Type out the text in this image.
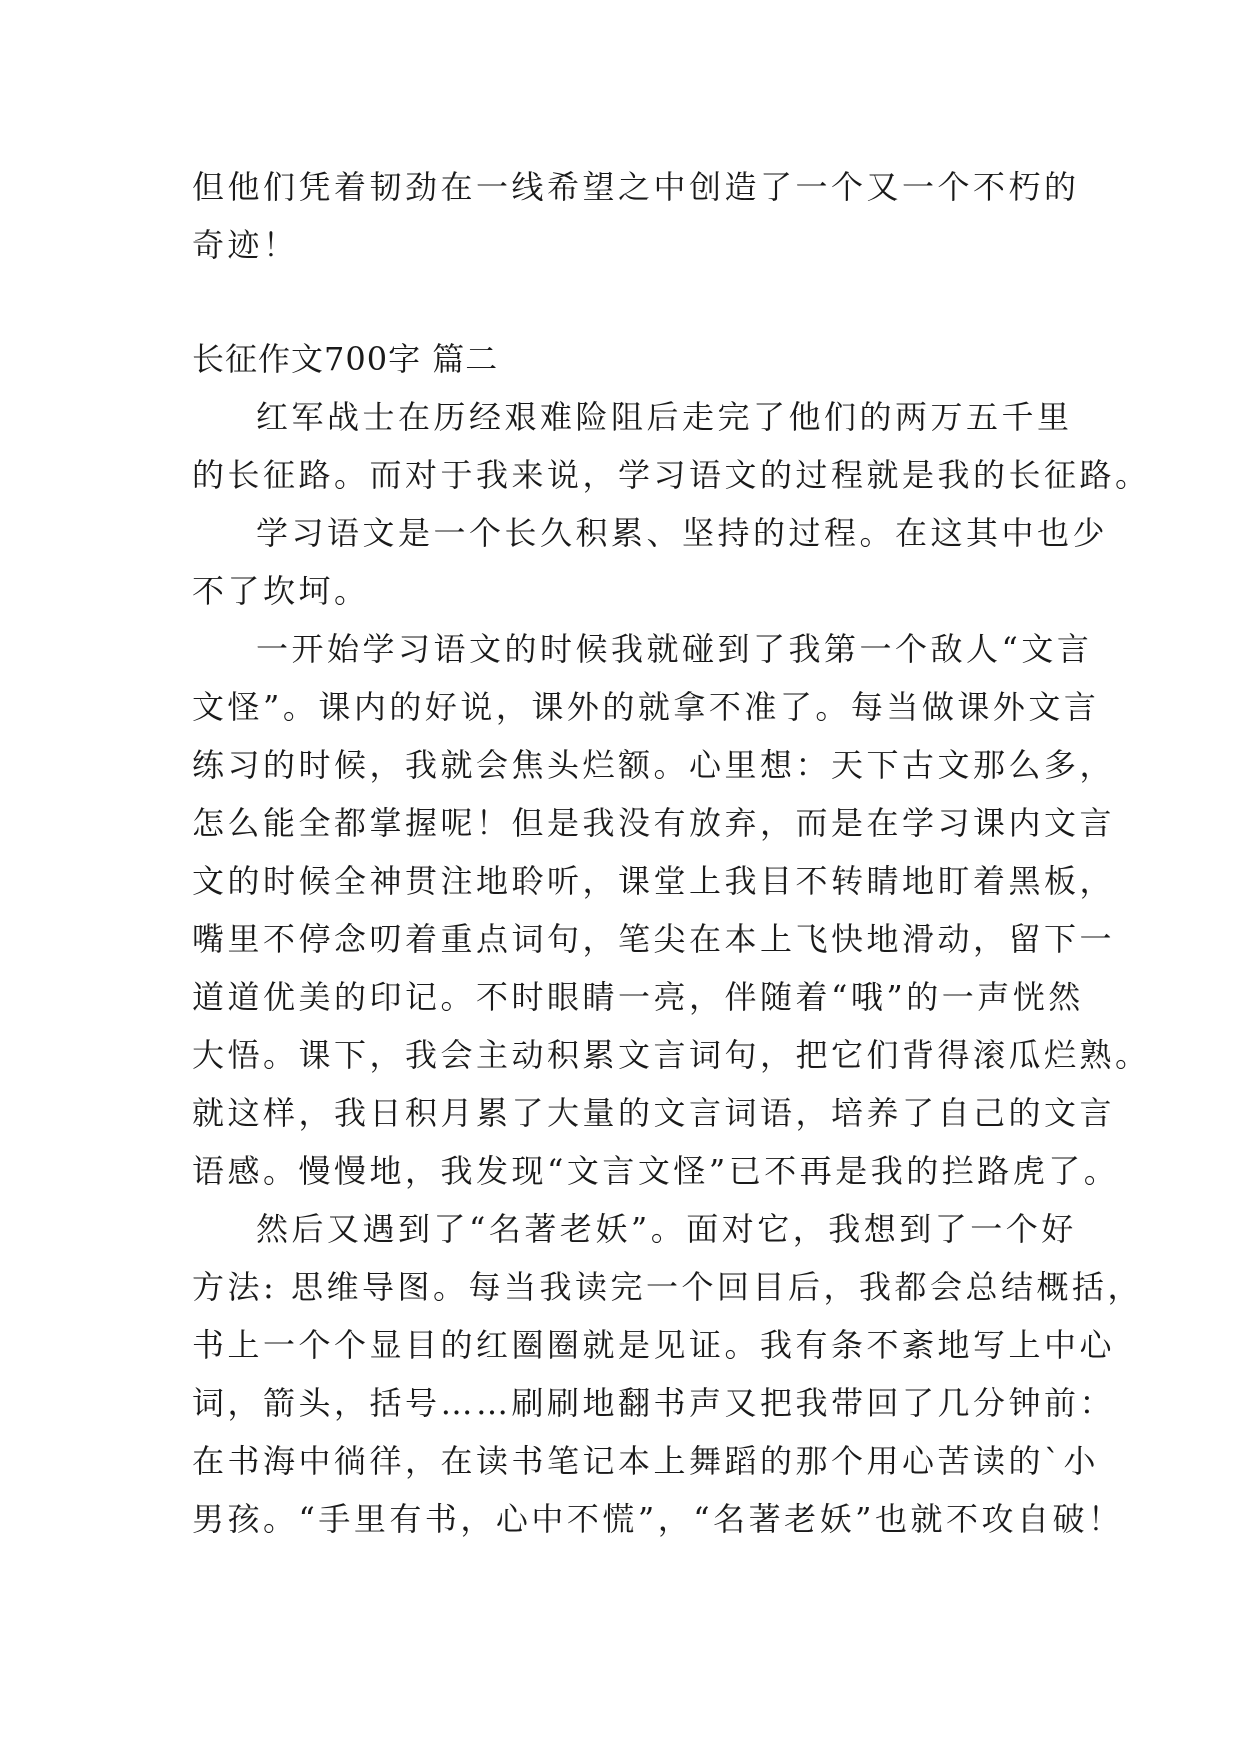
但他们凭着韧劲在一线希望之中创造了一个又一个不朽的
奇迹！
长征作文700字 篇二
红军战士在历经艰难险阻后走完了他们的两万五千里
的长征路。而对于我来说，学习语文的过程就是我的长征路。
学习语文是一个长久积累、坚持的过程。在这其中也少
不了坎坷。
一开始学习语文的时候我就碰到了我第一个敌人“文言
文怪”。课内的好说，课外的就拿不准了。每当做课外文言
练习的时候，我就会焦头烂额。心里想：天下古文那么多，
怎么能全都掌握呢！但是我没有放弃，而是在学习课内文言
文的时候全神贯注地聆听，课堂上我目不转睛地盯着黑板，
嘴里不停念叨着重点词句，笔尖在本上飞快地滑动，留下一
道道优美的印记。不时眼睛一亮，伴随着“哦”的一声恍然
大悟。课下，我会主动积累文言词句，把它们背得滚瓜烂熟。
就这样，我日积月累了大量的文言词语，培养了自己的文言
语感。慢慢地，我发现“文言文怪”已不再是我的拦路虎了。
然后又遇到了“名著老妖”。面对它，我想到了一个好
方法: 思维导图。每当我读完一个回目后，我都会总结概括，
书上一个个显目的红圈圈就是见证。我有条不紊地写上中心
词，箭头，括号……刷刷地翻书声又把我带回了几分钟前：
在书海中徜徉，在读书笔记本上舞蹈的那个用心苦读的`小
男孩。“手里有书，心中不慌”，“名著老妖”也就不攻自破！
